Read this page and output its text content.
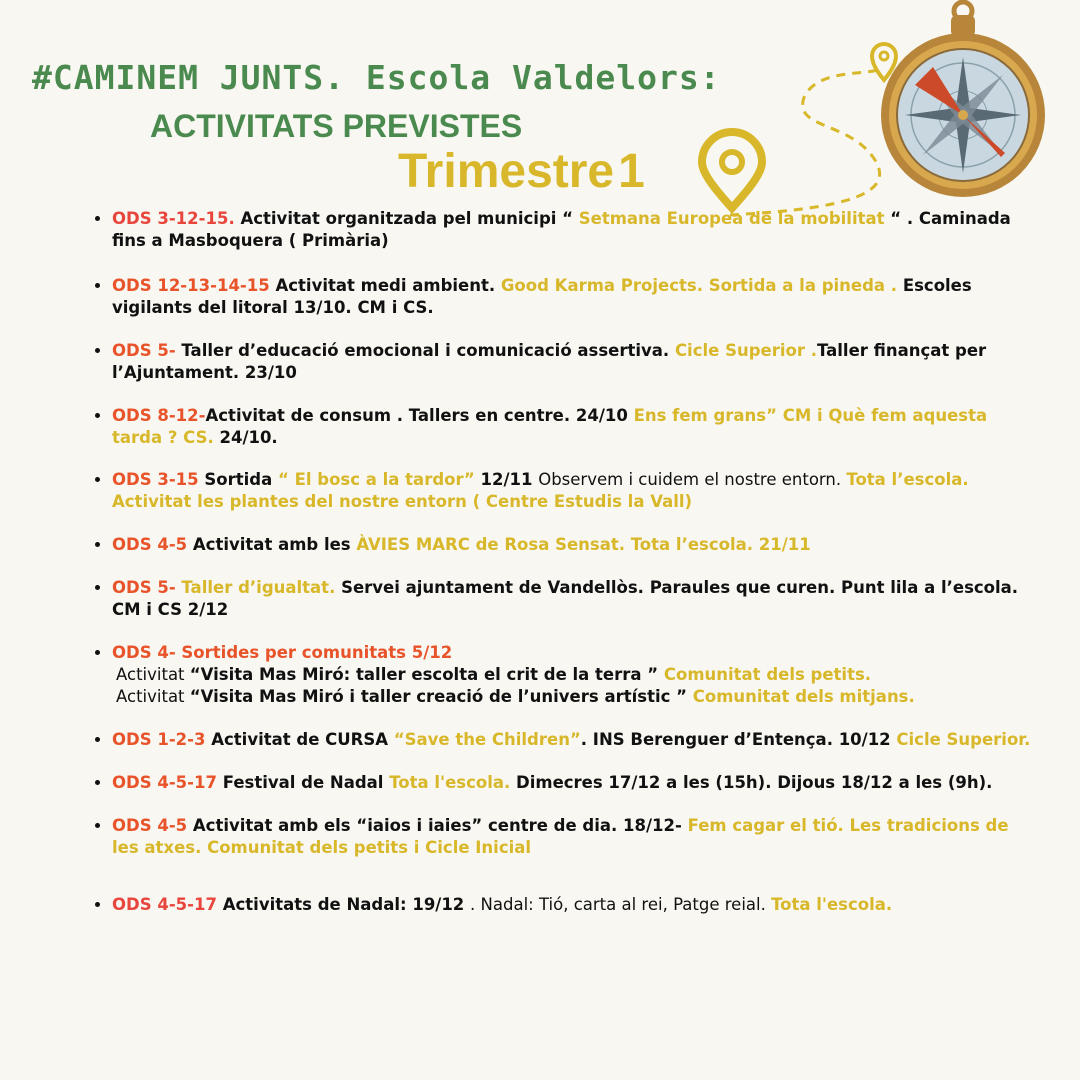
#CAMINEM JUNTS. Escola Valdelors:
ACTIVITATS PREVISTES
Trimestre1
• ODS 3-12-15. Activitat organitzada pel municipi “ Setmana Europea de la mobilitat “ . Caminada fins a Masboquera ( Primària)
• ODS 12-13-14-15 Activitat medi ambient. Good Karma Projects. Sortida a la pineda . Escoles vigilants del litoral 13/10. CM i CS.
• ODS 5- Taller d’educació emocional i comunicació assertiva. Cicle Superior .Taller finançat per l’Ajuntament. 23/10
• ODS 8-12-Activitat de consum . Tallers en centre. 24/10 Ens fem grans” CM i Què fem aquesta tarda ? CS. 24/10.
• ODS 3-15 Sortida “ El bosc a la tardor” 12/11 Observem i cuidem el nostre entorn. Tota l’escola. Activitat les plantes del nostre entorn ( Centre Estudis la Vall)
• ODS 4-5 Activitat amb les ÀVIES MARC de Rosa Sensat. Tota l’escola. 21/11
• ODS 5- Taller d’igualtat. Servei ajuntament de Vandellòs. Paraules que curen. Punt lila a l’escola. CM i CS 2/12
• ODS 4- Sortides per comunitats 5/12
Activitat “Visita Mas Miró: taller escolta el crit de la terra ” Comunitat dels petits.
Activitat “Visita Mas Miró i taller creació de l’univers artístic ” Comunitat dels mitjans.
• ODS 1-2-3 Activitat de CURSA “Save the Children”. INS Berenguer d’Entença. 10/12 Cicle Superior.
• ODS 4-5-17 Festival de Nadal Tota l'escola. Dimecres 17/12 a les (15h). Dijous 18/12 a les (9h).
• ODS 4-5 Activitat amb els “iaios i iaies” centre de dia. 18/12- Fem cagar el tió. Les tradicions de les atxes. Comunitat dels petits i Cicle Inicial
• ODS 4-5-17 Activitats de Nadal: 19/12 . Nadal: Tió, carta al rei, Patge reial. Tota l'escola.
